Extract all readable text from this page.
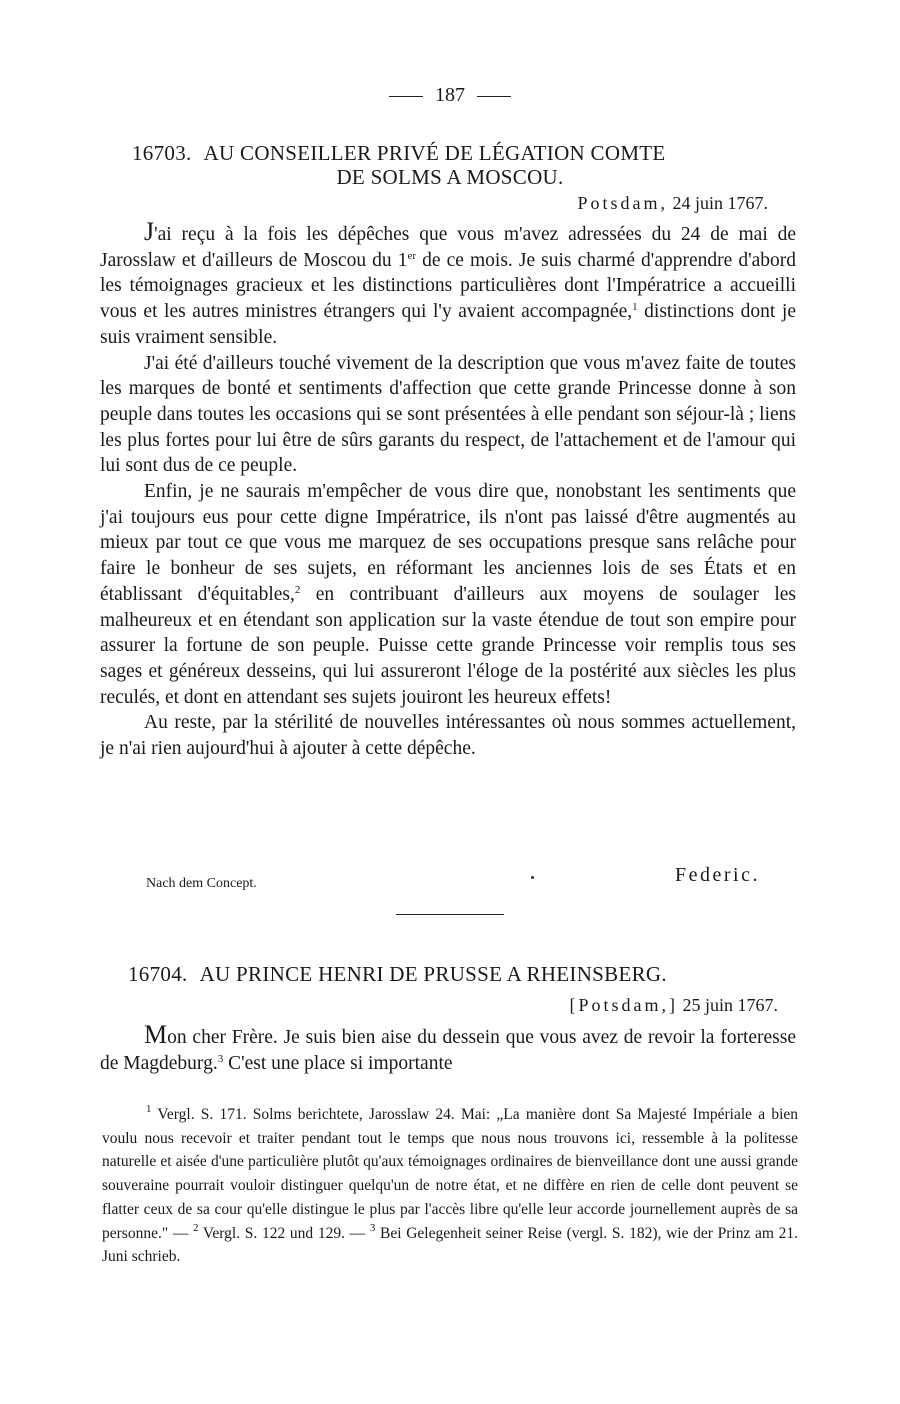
187
16703. AU CONSEILLER PRIVÉ DE LÉGATION COMTE
DE SOLMS A MOSCOU.
Potsdam, 24 juin 1767.

J'ai reçu à la fois les dépêches que vous m'avez adressées du 24 de mai de Jarosslaw et d'ailleurs de Moscou du 1er de ce mois. Je suis charmé d'apprendre d'abord les témoignages gracieux et les distinctions particulières dont l'Impératrice a accueilli vous et les autres ministres étrangers qui l'y avaient accompagnée,$^1$ distinctions dont je suis vraiment sensible.

J'ai été d'ailleurs touché vivement de la description que vous m'avez faite de toutes les marques de bonté et sentiments d'affection que cette grande Princesse donne à son peuple dans toutes les occasions qui se sont présentées à elle pendant son séjour-là ; liens les plus fortes pour lui être de sûrs garants du respect, de l'attachement et de l'amour qui lui sont dus de ce peuple.

Enfin, je ne saurais m'empêcher de vous dire que, nonobstant les sentiments que j'ai toujours eus pour cette digne Impératrice, ils n'ont pas laissé d'être augmentés au mieux par tout ce que vous me marquez de ses occupations presque sans relâche pour faire le bonheur de ses sujets, en réformant les anciennes lois de ses États et en établissant d'équitables,$^2$ en contribuant d'ailleurs aux moyens de soulager les malheureux et en étendant son application sur la vaste étendue de tout son empire pour assurer la fortune de son peuple. Puisse cette grande Princesse voir remplis tous ses sages et généreux desseins, qui lui assureront l'éloge de la postérité aux siècles les plus reculés, et dont en attendant ses sujets jouiront les heureux effets!

Au reste, par la stérilité de nouvelles intéressantes où nous sommes actuellement, je n'ai rien aujourd'hui à ajouter à cette dépêche.

Nach dem Concept.	Federic.
16704. AU PRINCE HENRI DE PRUSSE A RHEINSBERG.
[Potsdam,] 25 juin 1767.

Mon cher Frère. Je suis bien aise du dessein que vous avez de revoir la forteresse de Magdeburg.$^3$ C'est une place si importante

$^1$ Vergl. S. 171. Solms berichtete, Jarosslaw 24. Mai: „La manière dont Sa Majesté Impériale a bien voulu nous recevoir et traiter pendant tout le temps que nous nous trouvons ici, ressemble à la politesse naturelle et aisée d'une particulière plutôt qu'aux témoignages ordinaires de bienveillance dont une aussi grande souveraine pourrait vouloir distinguer quelqu'un de notre état, et ne diffère en rien de celle dont peuvent se flatter ceux de sa cour qu'elle distingue le plus par l'accès libre qu'elle leur accorde journellement auprès de sa personne." — $^2$ Vergl. S. 122 und 129. — $^3$ Bei Gelegenheit seiner Reise (vergl. S. 182), wie der Prinz am 21. Juni schrieb.
